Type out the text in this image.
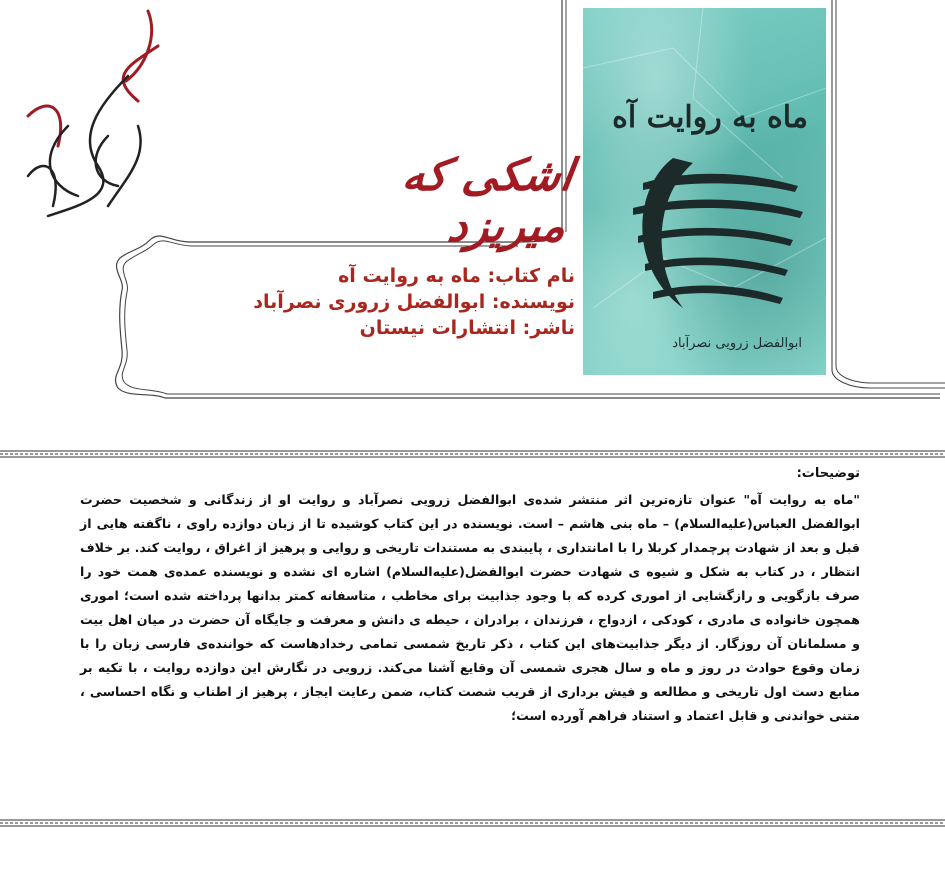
زندگینامه
اشکی که میریزد
ماه به روایت آه
ابوالفضل زرویی نصرآباد
نام کتاب: ماه به روایت آه
نویسنده: ابوالفضل زروری نصرآباد
ناشر: انتشارات نیستان
توضیحات:
"ماه به روایت آه" عنوان تازه‌ترین اثر منتشر شده‌ی ابوالفضل زرویی نصرآباد و روایت او از زندگانی و شخصیت حضرت ابوالفضل العباس(علیه‌السلام) – ماه بنی هاشم – است. نویسنده در این کتاب کوشیده تا از زبان دوازده راوی ، ناگفته هایی از قبل و بعد از شهادت پرچمدار کربلا را با امانتداری ، پایبندی به مستندات تاریخی و روایی و پرهیز از اغراق ، روایت کند. بر خلاف انتظار ، در کتاب به شکل و شیوه ی شهادت حضرت ابوالفضل(علیه‌السلام) اشاره ای نشده و نویسنده عمده‌ی همت خود را صرف بازگویی و رازگشایی از اموری کرده که با وجود جذابیت برای مخاطب ، متاسفانه کمتر بدانها پرداخته شده است؛ اموری همچون خانواده ی مادری ، کودکی ، ازدواج ، فرزندان ، برادران ، حیطه ی دانش و معرفت و جایگاه آن حضرت در میان اهل بیت و مسلمانان آن روزگار. از دیگر جذابیت‌های این کتاب ، ذکر تاریخ شمسی تمامی رخدادهاست که خواننده‌ی فارسی زبان را با زمان وقوع حوادث در روز و ماه و سال هجری شمسی آن وقایع آشنا می‌کند. زرویی در نگارش این دوازده روایت ، با تکیه بر منابع دست اول تاریخی و مطالعه و فیش برداری از قریب شصت کتاب، ضمن رعایت ایجاز ، پرهیز از اطناب و نگاه احساسی ، متنی خواندنی و قابل اعتماد و استناد فراهم آورده است؛
